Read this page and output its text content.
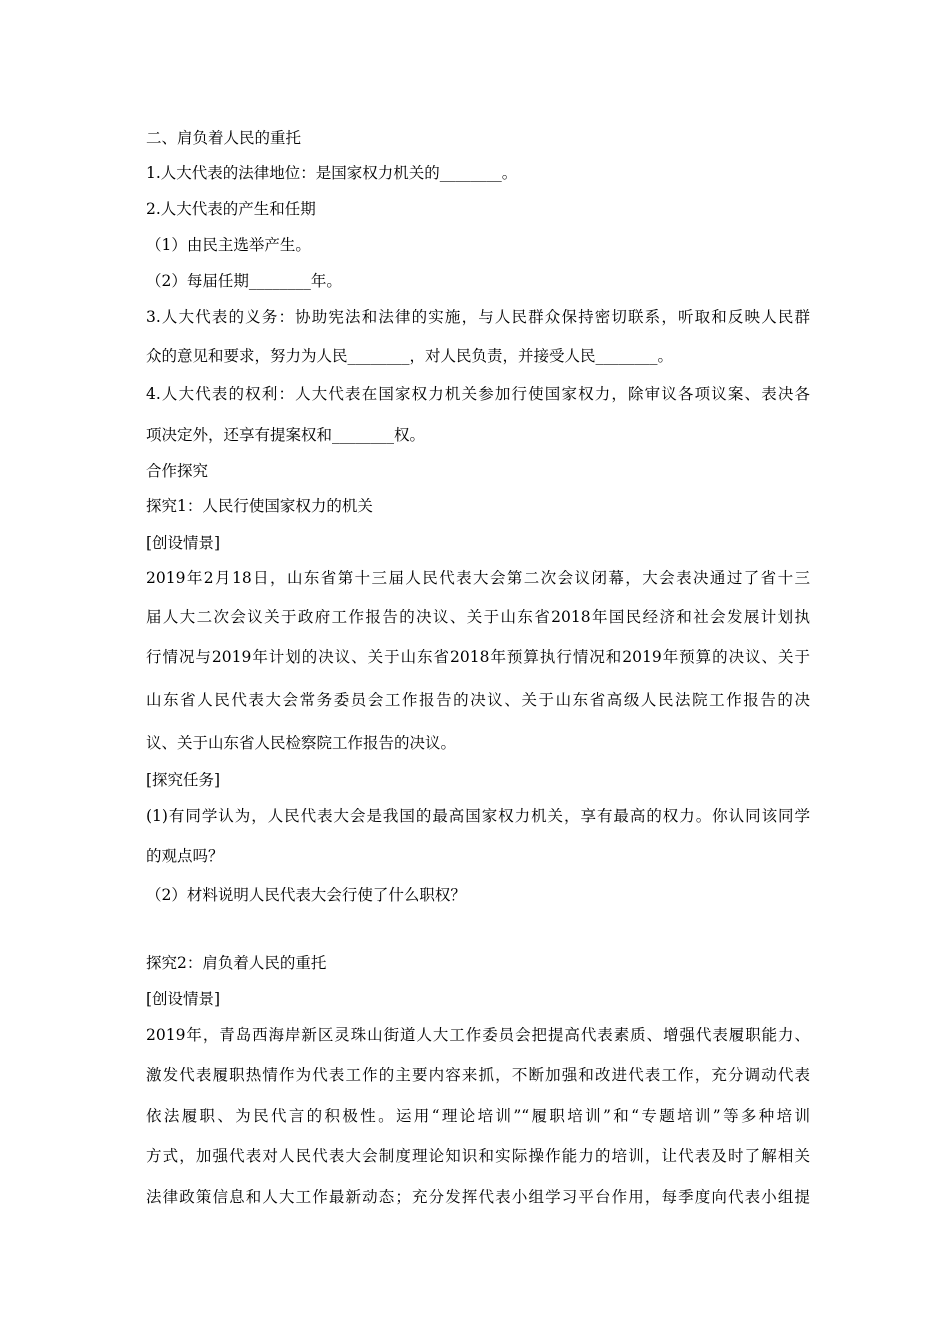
二、肩负着人民的重托
1.人大代表的法律地位：是国家权力机关的________。
2.人大代表的产生和任期
（1）由民主选举产生。
（2）每届任期________年。
3.人大代表的义务：协助宪法和法律的实施，与人民群众保持密切联系，听取和反映人民群
众的意见和要求，努力为人民________，对人民负责，并接受人民________。
4.人大代表的权利：人大代表在国家权力机关参加行使国家权力，除审议各项议案、表决各
项决定外，还享有提案权和________权。
合作探究
探究1：人民行使国家权力的机关
[创设情景]
2019年2月18日，山东省第十三届人民代表大会第二次会议闭幕，大会表决通过了省十三
届人大二次会议关于政府工作报告的决议、关于山东省2018年国民经济和社会发展计划执
行情况与2019年计划的决议、关于山东省2018年预算执行情况和2019年预算的决议、关于
山东省人民代表大会常务委员会工作报告的决议、关于山东省高级人民法院工作报告的决
议、关于山东省人民检察院工作报告的决议。
[探究任务]
(1)有同学认为，人民代表大会是我国的最高国家权力机关，享有最高的权力。你认同该同学
的观点吗？
（2）材料说明人民代表大会行使了什么职权？
探究2：肩负着人民的重托
[创设情景]
2019年，青岛西海岸新区灵珠山街道人大工作委员会把提高代表素质、增强代表履职能力、
激发代表履职热情作为代表工作的主要内容来抓，不断加强和改进代表工作，充分调动代表
依法履职、为民代言的积极性。运用“理论培训”“履职培训”和“专题培训”等多种培训
方式，加强代表对人民代表大会制度理论知识和实际操作能力的培训，让代表及时了解相关
法律政策信息和人大工作最新动态；充分发挥代表小组学习平台作用，每季度向代表小组提
